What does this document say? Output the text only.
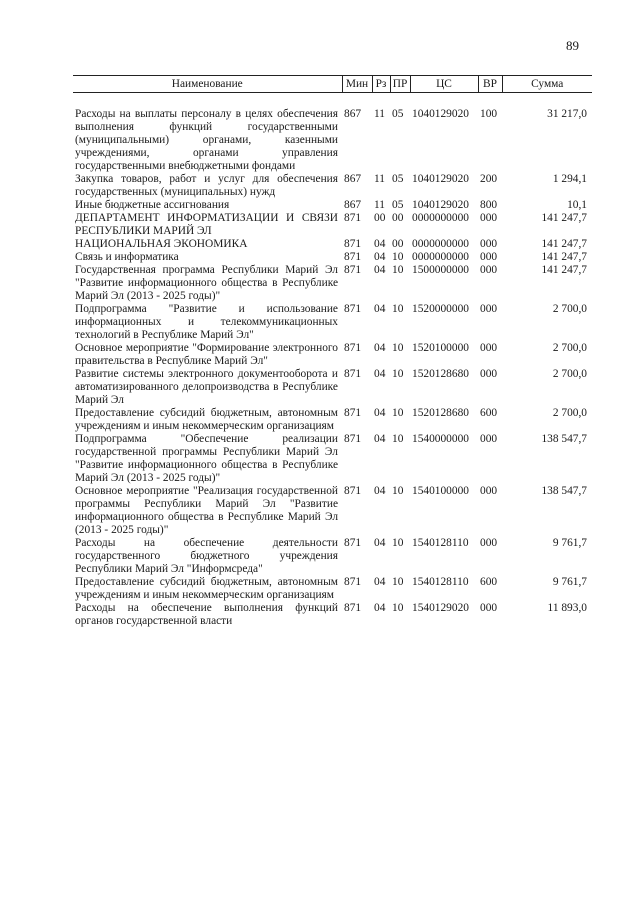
89
Наименование	Мин	Рз	ПР	ЦС	ВР	Сумма
Расходы на выплаты персоналу в целях обеспечения выполнения функций государственными (муниципальными) органами, казенными учреждениями, органами управления государственными внебюджетными фондами	867	11	05	1040129020	100	31 217,0
Закупка товаров, работ и услуг для обеспечения государственных (муниципальных) нужд	867	11	05	1040129020	200	1 294,1
Иные бюджетные ассигнования	867	11	05	1040129020	800	10,1
ДЕПАРТАМЕНТ ИНФОРМАТИЗАЦИИ И СВЯЗИ РЕСПУБЛИКИ МАРИЙ ЭЛ	871	00	00	0000000000	000	141 247,7
НАЦИОНАЛЬНАЯ ЭКОНОМИКА	871	04	00	0000000000	000	141 247,7
Связь и информатика	871	04	10	0000000000	000	141 247,7
Государственная программа Республики Марий Эл "Развитие информационного общества в Республике Марий Эл (2013 - 2025 годы)"	871	04	10	1500000000	000	141 247,7
Подпрограмма "Развитие и использование информационных и телекоммуникационных технологий в Республике Марий Эл"	871	04	10	1520000000	000	2 700,0
Основное мероприятие "Формирование электронного правительства в Республике Марий Эл"	871	04	10	1520100000	000	2 700,0
Развитие системы электронного документооборота и автоматизированного делопроизводства в Республике Марий Эл	871	04	10	1520128680	000	2 700,0
Предоставление субсидий бюджетным, автономным учреждениям и иным некоммерческим организациям	871	04	10	1520128680	600	2 700,0
Подпрограмма "Обеспечение реализации государственной программы Республики Марий Эл "Развитие информационного общества в Республике Марий Эл (2013 - 2025 годы)"	871	04	10	1540000000	000	138 547,7
Основное мероприятие "Реализация государственной программы Республики Марий Эл "Развитие информационного общества в Республике Марий Эл (2013 - 2025 годы)"	871	04	10	1540100000	000	138 547,7
Расходы на обеспечение деятельности государственного бюджетного учреждения Республики Марий Эл "Информсреда"	871	04	10	1540128110	000	9 761,7
Предоставление субсидий бюджетным, автономным учреждениям и иным некоммерческим организациям	871	04	10	1540128110	600	9 761,7
Расходы на обеспечение выполнения функций органов государственной власти	871	04	10	1540129020	000	11 893,0
